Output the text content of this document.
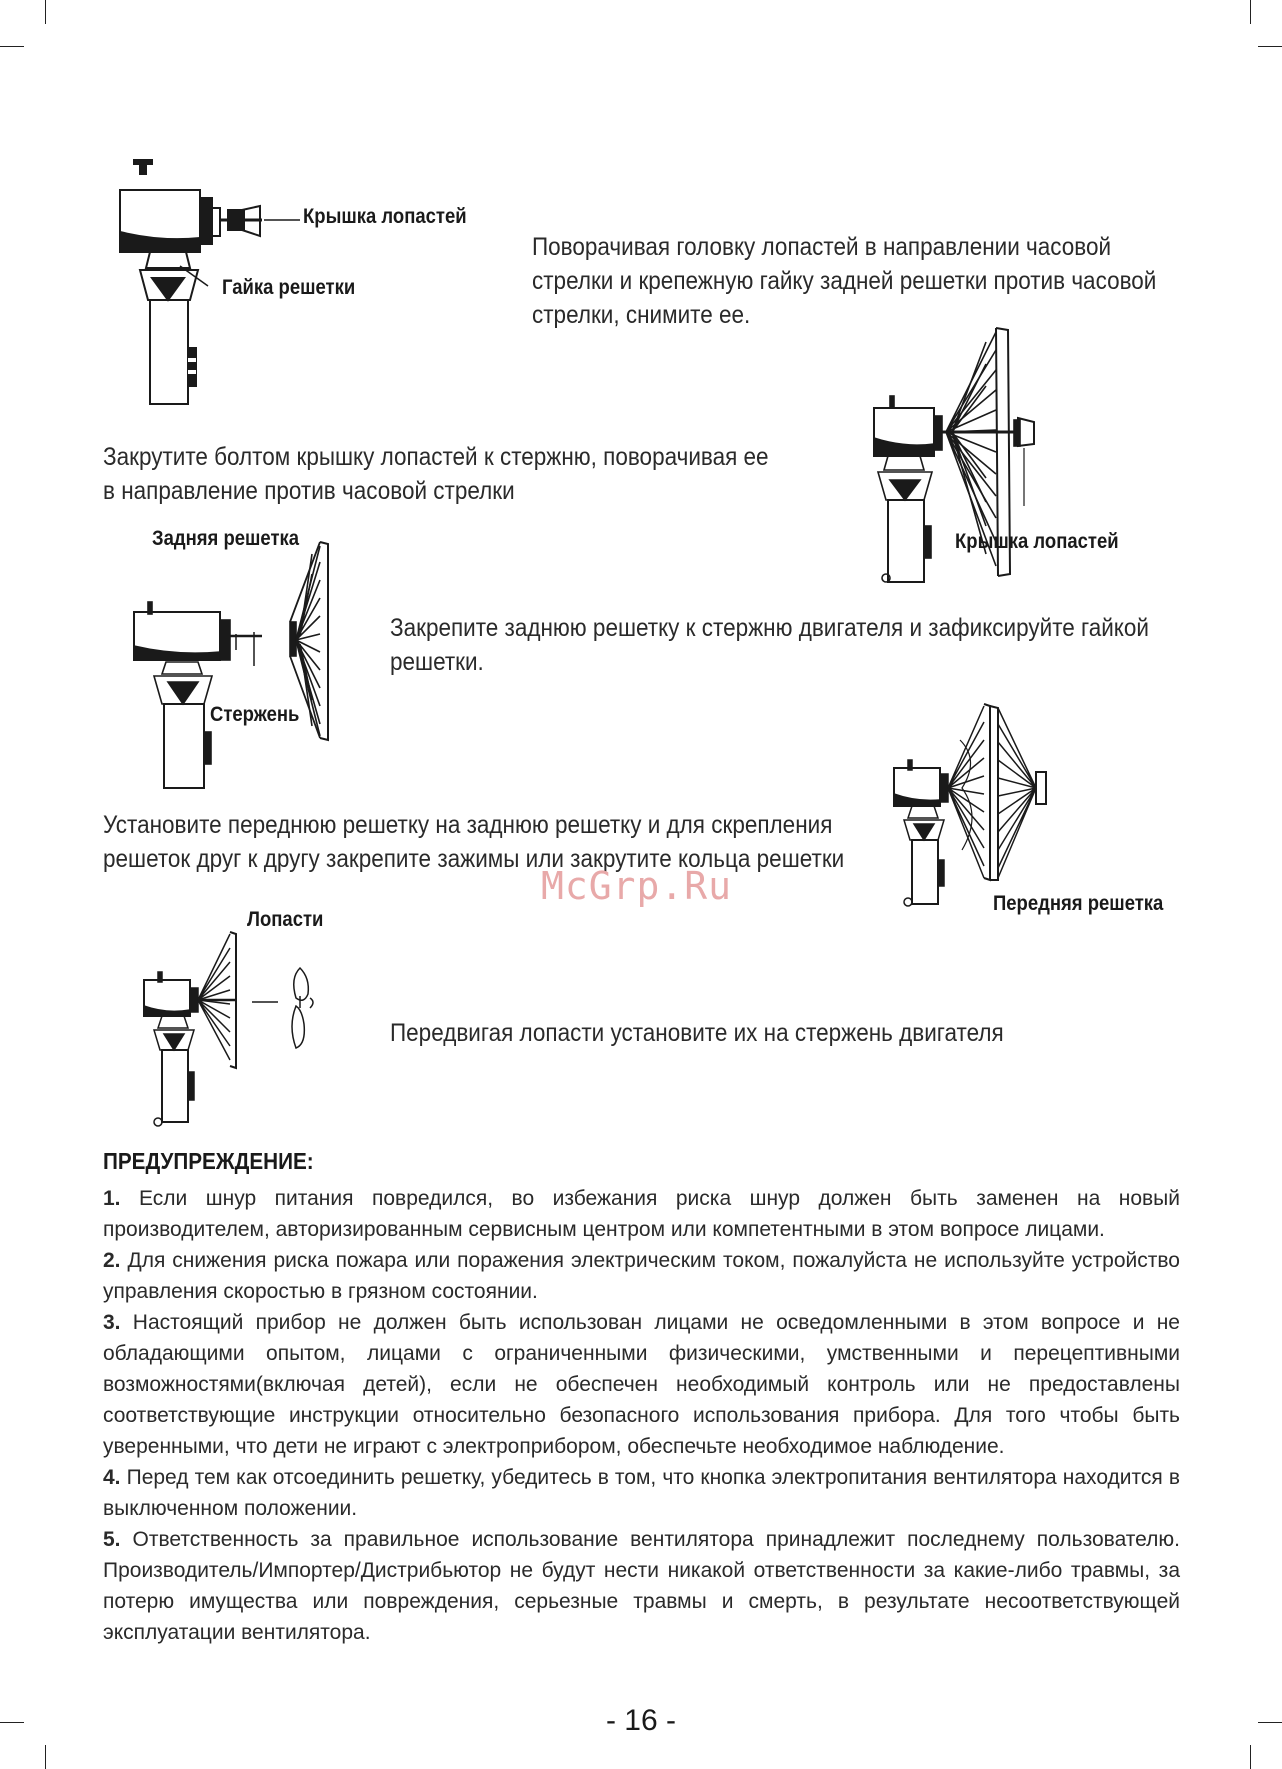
Крышка лопастей
Гайка решетки
Поворачивая головку лопастей в направлении часовой
стрелки и крепежную гайку задней решетки против часовой
стрелки, снимите ее.
Крышка лопастей
Закрутите болтом крышку лопастей к стержню, поворачивая ее
в направление против часовой стрелки
Задняя решетка
Стержень
Закрепите заднюю решетку к стержню двигателя и зафиксируйте гайкой
решетки.
Передняя решетка
Установите переднюю решетку на заднюю решетку и для скрепления
решеток друг к другу закрепите зажимы или закрутите кольца решетки
McGrp.Ru
Лопасти
Передвигая лопасти установите их на стержень двигателя
ПРЕДУПРЕЖДЕНИЕ:
1. Если шнур питания повредился, во избежания риска шнур должен быть заменен на новый производителем, авторизированным сервисным центром или компетентными в этом вопросе лицами.
2. Для снижения риска пожара или поражения электрическим током, пожалуйста не используйте устройство управления скоростью в грязном состоянии.
3. Настоящий прибор не должен быть использован лицами не осведомленными в этом вопросе и не обладающими опытом, лицами с ограниченными физическими, умственными и перецептивными возможностями(включая детей), если не обеспечен необходимый контроль или не предоставлены соответствующие инструкции относительно безопасного использования прибора. Для того чтобы быть уверенными, что дети не играют с электроприбором, обеспечьте необходимое наблюдение.
4. Перед тем как отсоединить решетку, убедитесь в том, что кнопка электропитания вентилятора находится в выключенном положении.
5. Ответственность за правильное использование вентилятора принадлежит последнему пользователю. Производитель/Импортер/Дистрибьютор не будут нести никакой ответственности за какие-либо травмы, за потерю имущества или повреждения, серьезные травмы и смерть, в результате несоответствующей эксплуатации вентилятора.
- 16 -
